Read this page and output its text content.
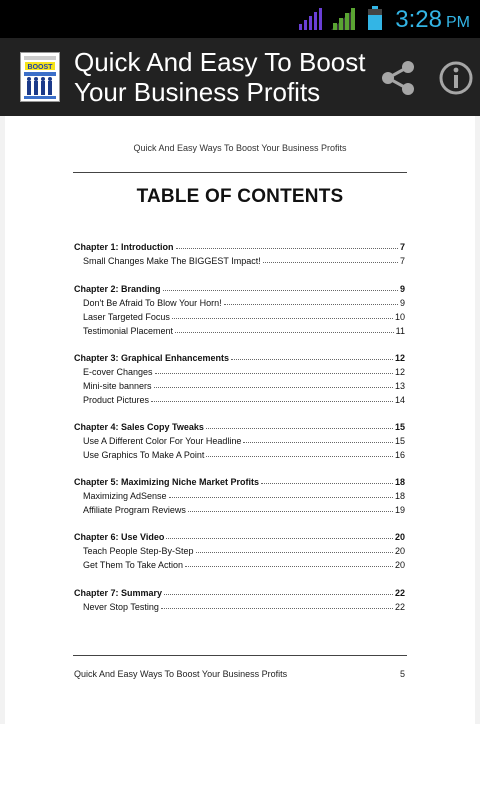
3:28 PM
BOOST Quick And Easy To Boost
Your Business Profits
Quick And Easy Ways To Boost Your Business Profits
TABLE OF CONTENTS
Chapter 1: Introduction	7
Small Changes Make The BIGGEST Impact!	7
Chapter 2: Branding	9
Don't Be Afraid To Blow Your Horn!	9
Laser Targeted Focus	10
Testimonial Placement	11
Chapter 3: Graphical Enhancements	12
E-cover Changes	12
Mini-site banners	13
Product Pictures	14
Chapter 4: Sales Copy Tweaks	15
Use A Different Color For Your Headline	15
Use Graphics To Make A Point	16
Chapter 5: Maximizing Niche Market Profits	18
Maximizing AdSense	18
Affiliate Program Reviews	19
Chapter 6: Use Video	20
Teach People Step-By-Step	20
Get Them To Take Action	20
Chapter 7: Summary	22
Never Stop Testing	22
Quick And Easy Ways To Boost Your Business Profits	5
